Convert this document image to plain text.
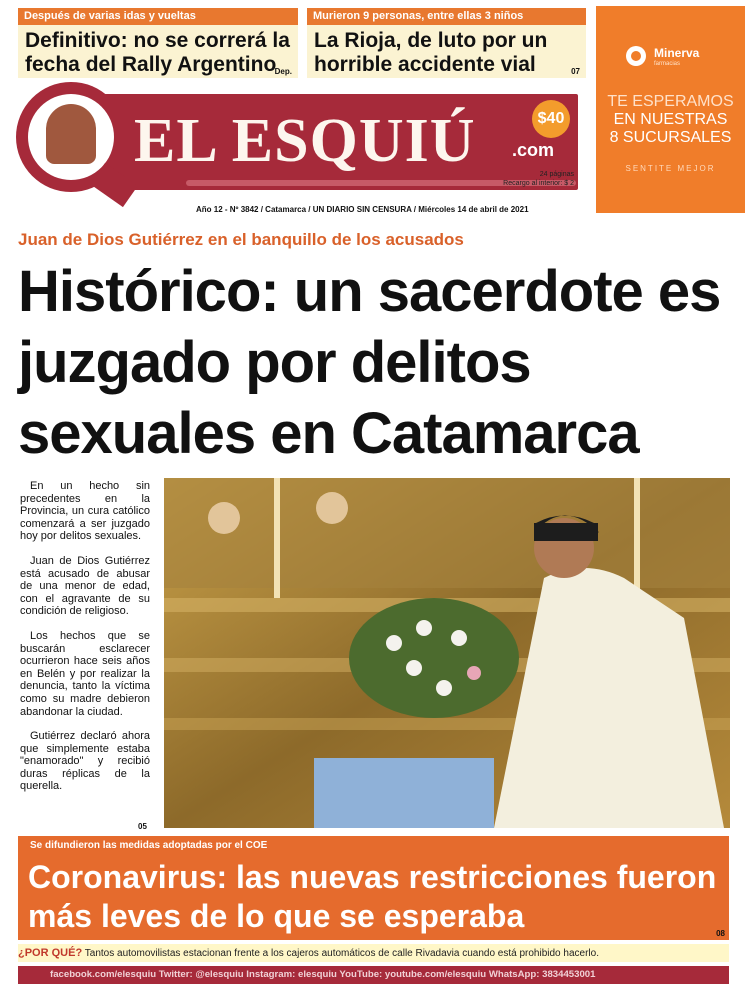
Después de varias idas y vueltas
Definitivo: no se correrá la fecha del Rally Argentino
Dep.
Murieron 9 personas, entre ellas 3 niños
La Rioja, de luto por un horrible accidente vial	07
Minerva
farmacias
TE ESPERAMOS
EN NUESTRAS
8 SUCURSALES
SENTITE MEJOR
EL ESQUIÚ	$40
.com
24 páginas
Recargo al interior: $ 2
Año 12 - Nº 3842 / Catamarca / UN DIARIO SIN CENSURA / Miércoles 14 de abril de 2021
Juan de Dios Gutiérrez en el banquillo de los acusados
Histórico: un sacerdote es juzgado por delitos sexuales en Catamarca

En un hecho sin precedentes en la Provincia, un cura católico comenzará a ser juzgado hoy por delitos sexuales.

Juan de Dios Gutiérrez está acusado de abusar de una menor de edad, con el agravante de su condición de religioso.

Los hechos que se buscarán esclarecer ocurrieron hace seis años en Belén y por realizar la denuncia, tanto la víctima como su madre debieron abandonar la ciudad.

Gutiérrez declaró ahora que simplemente estaba "enamorado" y recibió duras réplicas de la querella.

05
Se difundieron las medidas adoptadas por el COE
Coronavirus: las nuevas restricciones fueron más leves de lo que se esperaba	08
¿POR QUÉ? Tantos automovilistas estacionan frente a los cajeros automáticos de calle Rivadavia cuando está prohibido hacerlo.
facebook.com/elesquiu Twitter: @elesquiu Instagram: elesquiu YouTube: youtube.com/elesquiu WhatsApp: 3834453001
